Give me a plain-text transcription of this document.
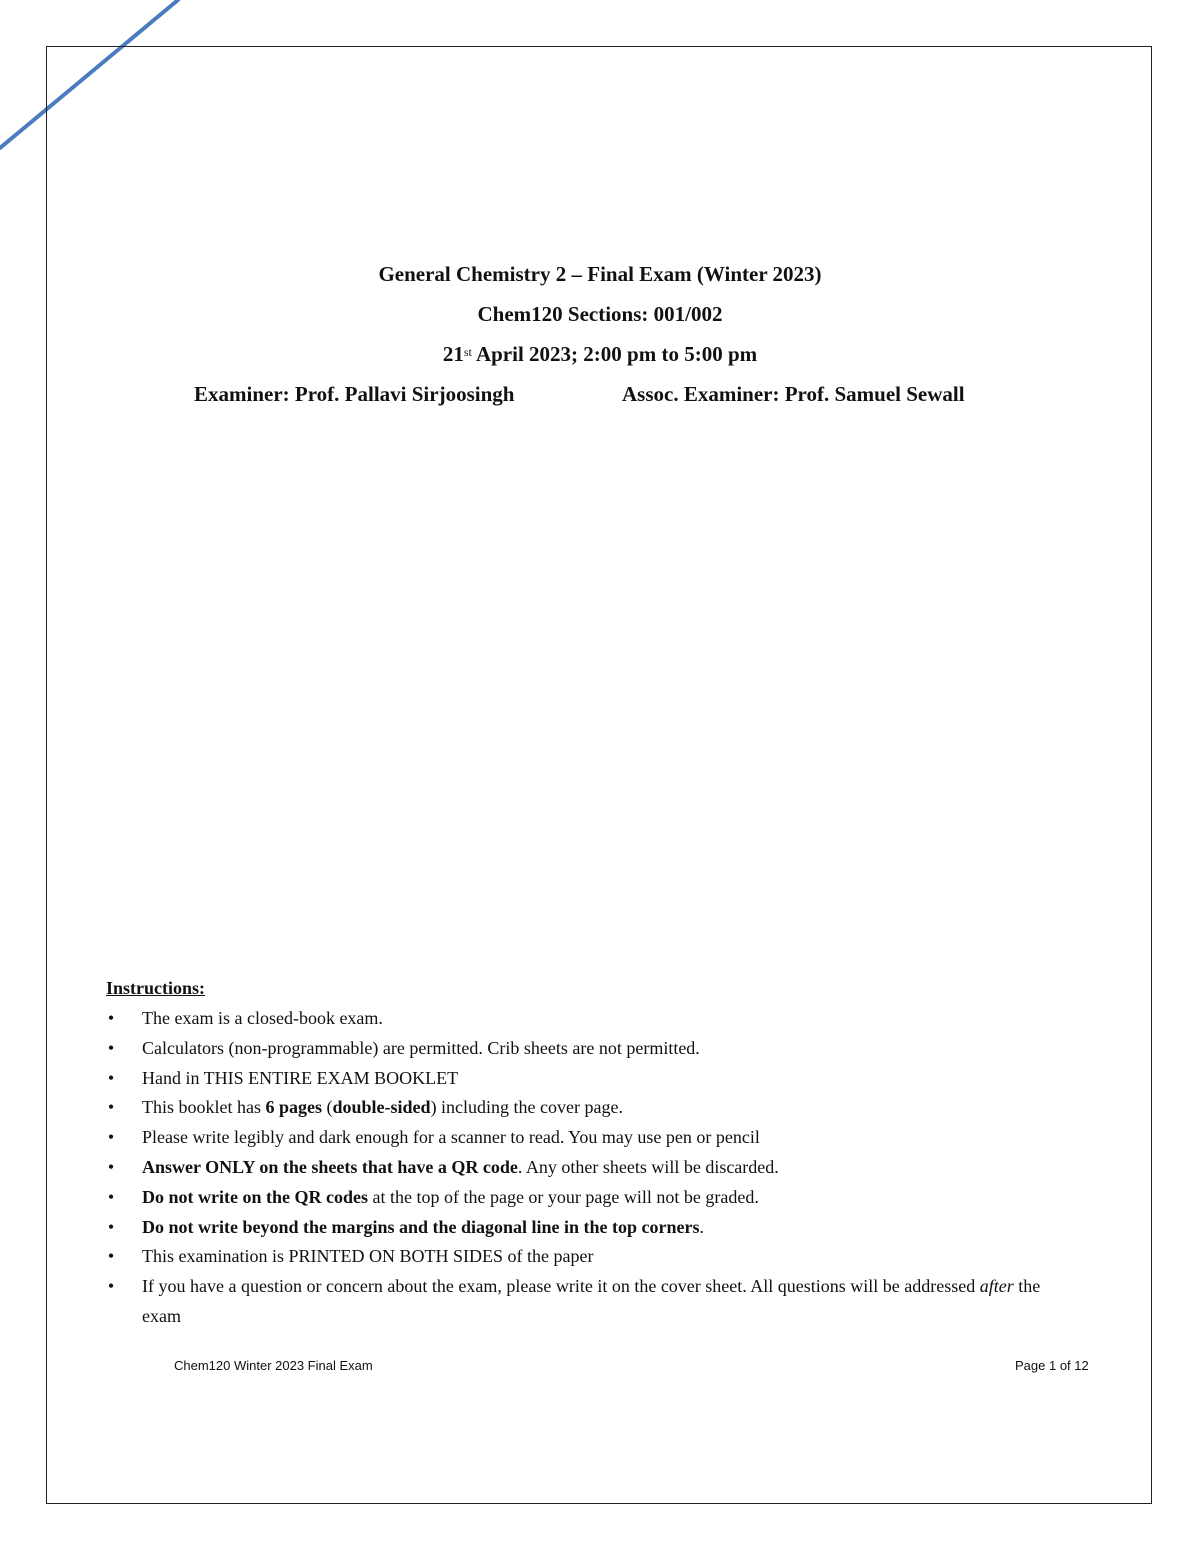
General Chemistry 2 – Final Exam (Winter 2023)
Chem120 Sections: 001/002
21st April 2023; 2:00 pm to 5:00 pm
Examiner: Prof. Pallavi Sirjoosingh	Assoc. Examiner: Prof. Samuel Sewall
Instructions:
• The exam is a closed-book exam.
• Calculators (non-programmable) are permitted. Crib sheets are not permitted.
• Hand in THIS ENTIRE EXAM BOOKLET
• This booklet has 6 pages (double-sided) including the cover page.
• Please write legibly and dark enough for a scanner to read. You may use pen or pencil
• Answer ONLY on the sheets that have a QR code. Any other sheets will be discarded.
• Do not write on the QR codes at the top of the page or your page will not be graded.
• Do not write beyond the margins and the diagonal line in the top corners.
• This examination is PRINTED ON BOTH SIDES of the paper
• If you have a question or concern about the exam, please write it on the cover sheet. All questions will be addressed after the exam
Chem120 Winter 2023 Final Exam	Page 1 of 12
